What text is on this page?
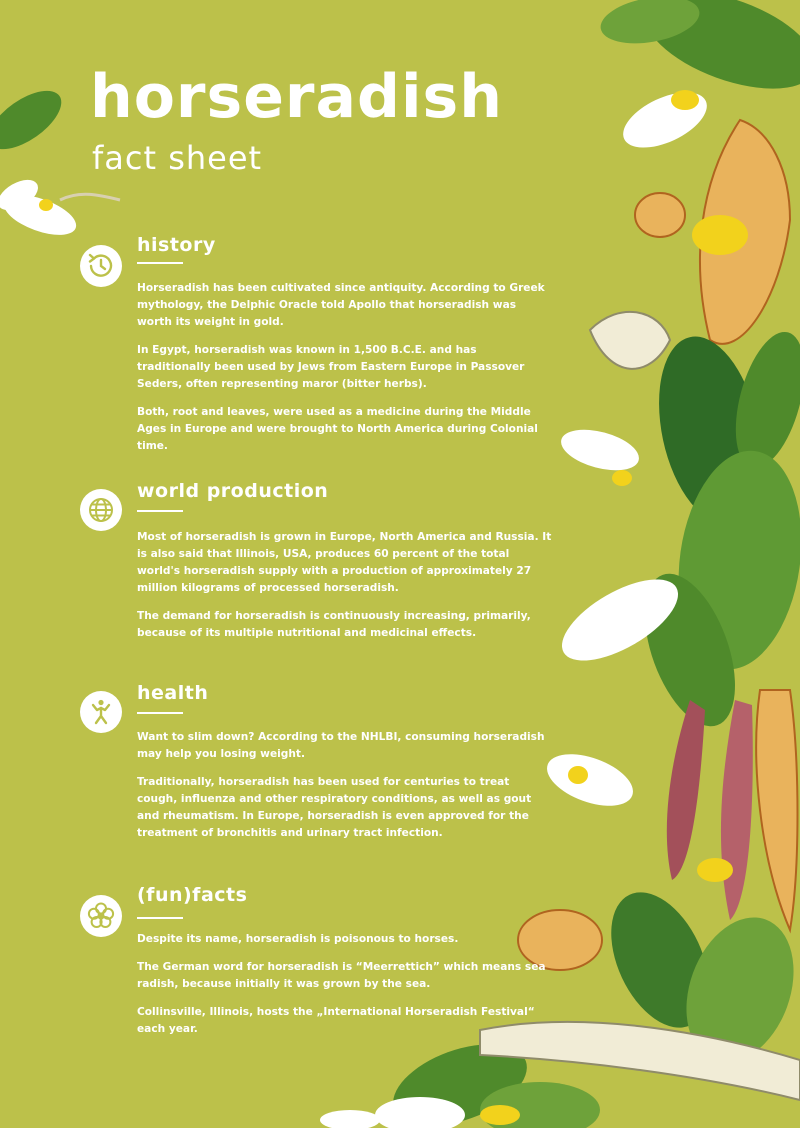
horseradish
fact sheet
history

Horseradish has been cultivated since antiquity. According to Greek mythology, the Delphic Oracle told Apollo that horseradish was worth its weight in gold.

In Egypt, horseradish was known in 1,500 B.C.E. and has traditionally been used by Jews from Eastern Europe in Passover Seders, often representing maror (bitter herbs).

Both, root and leaves, were used as a medicine during the Middle Ages in Europe and were brought to North America during Colonial time.

world production

Most of horseradish is grown in Europe, North America and Russia. It is also said that Illinois, USA, produces 60 percent of the total world's horseradish supply with a production of approximately 27 million kilograms of processed horseradish.

The demand for horseradish is continuously increasing, primarily, because of its multiple nutritional and medicinal effects.

health

Want to slim down? According to the NHLBI, consuming horseradish may help you losing weight.

Traditionally, horseradish has been used for centuries to treat cough, influenza and other respiratory conditions, as well as gout and rheumatism. In Europe, horseradish is even approved for the treatment of bronchitis and urinary tract infection.

(fun)facts

Despite its name, horseradish is poisonous to horses.

The German word for horseradish is “Meerrettich” which means sea radish, because initially it was grown by the sea.

Collinsville, Illinois, hosts the „International Horseradish Festival“ each year.
